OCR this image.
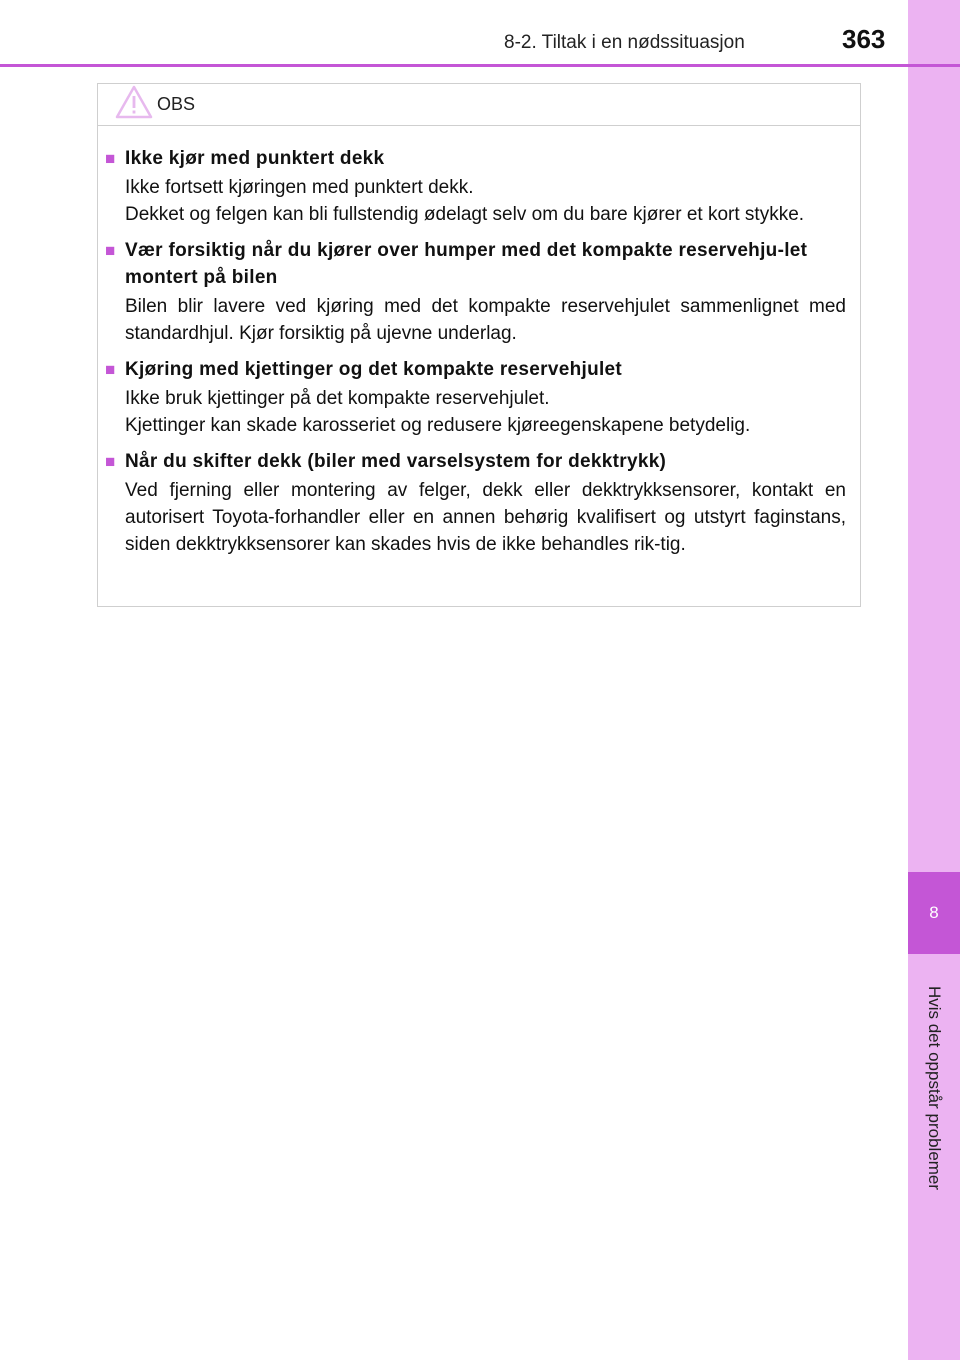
8
Hvis det oppstår problemer
8-2. Tiltak i en nødssituasjon	363
OBS
■ Ikke kjør med punktert dekk

Ikke fortsett kjøringen med punktert dekk.

Dekket og felgen kan bli fullstendig ødelagt selv om du bare kjører et kort stykke.

■ Vær forsiktig når du kjører over humper med det kompakte reservehju-let montert på bilen

Bilen blir lavere ved kjøring med det kompakte reservehjulet sammenlignet med standardhjul. Kjør forsiktig på ujevne underlag.

■ Kjøring med kjettinger og det kompakte reservehjulet

Ikke bruk kjettinger på det kompakte reservehjulet.

Kjettinger kan skade karosseriet og redusere kjøreegenskapene betydelig.

■ Når du skifter dekk (biler med varselsystem for dekktrykk)

Ved fjerning eller montering av felger, dekk eller dekktrykksensorer, kontakt en autorisert Toyota-forhandler eller en annen behørig kvalifisert og utstyrt faginstans, siden dekktrykksensorer kan skades hvis de ikke behandles rik-tig.
